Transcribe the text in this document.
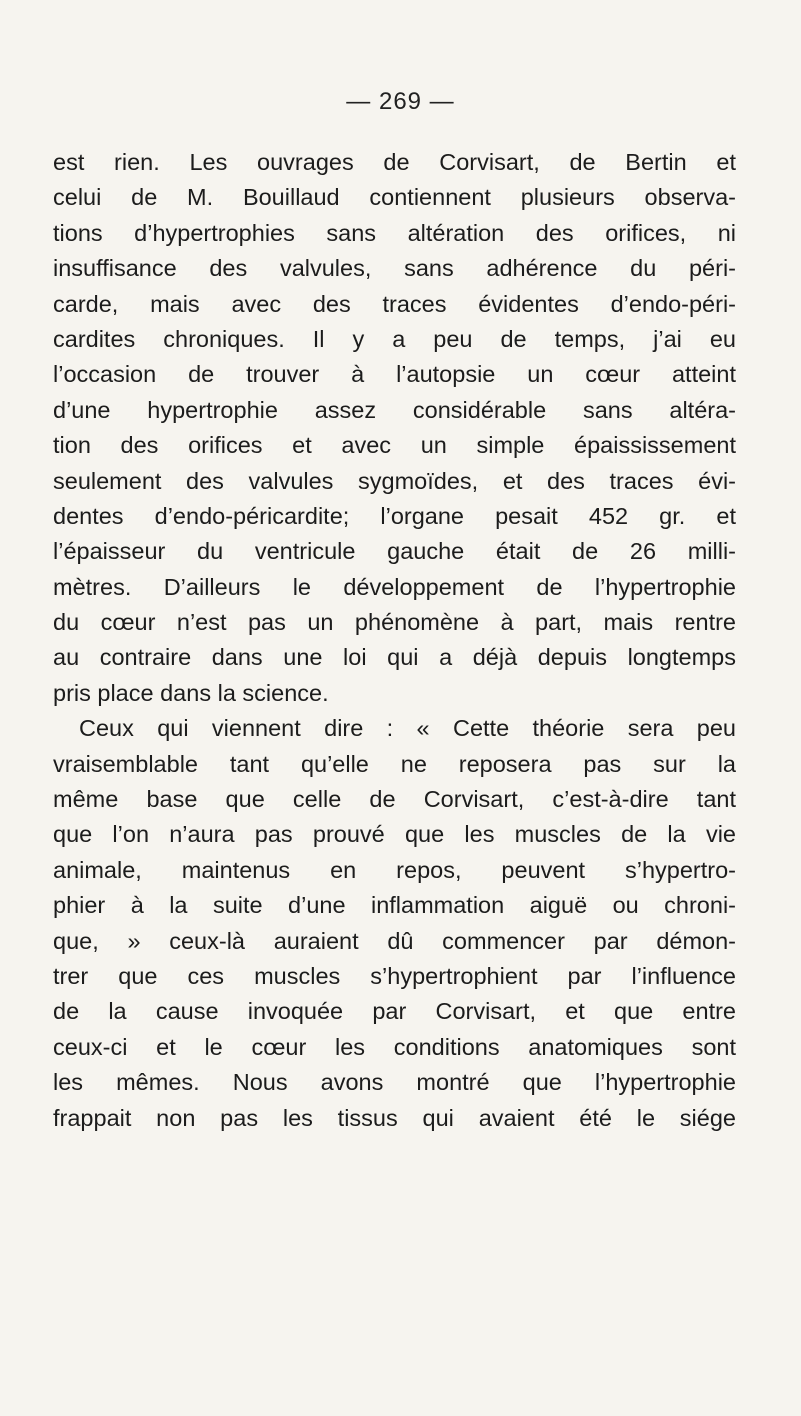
— 269 —
est rien. Les ouvrages de Corvisart, de Bertin et
celui de M. Bouillaud contiennent plusieurs observa-
tions d’hypertrophies sans altération des orifices, ni
insuffisance des valvules, sans adhérence du péri-
carde, mais avec des traces évidentes d’endo-péri-
cardites chroniques. Il y a peu de temps, j’ai eu
l’occasion de trouver à l’autopsie un cœur atteint
d’une hypertrophie assez considérable sans altéra-
tion des orifices et avec un simple épaississement
seulement des valvules sygmoïdes, et des traces évi-
dentes d’endo-péricardite; l’organe pesait 452 gr. et
l’épaisseur du ventricule gauche était de 26 milli-
mètres. D’ailleurs le développement de l’hypertrophie
du cœur n’est pas un phénomène à part, mais rentre
au contraire dans une loi qui a déjà depuis longtemps
pris place dans la science.
Ceux qui viennent dire : « Cette théorie sera peu
vraisemblable tant qu’elle ne reposera pas sur la
même base que celle de Corvisart, c’est-à-dire tant
que l’on n’aura pas prouvé que les muscles de la vie
animale, maintenus en repos, peuvent s’hypertro-
phier à la suite d’une inflammation aiguë ou chroni-
que, » ceux-là auraient dû commencer par démon-
trer que ces muscles s’hypertrophient par l’influence
de la cause invoquée par Corvisart, et que entre
ceux-ci et le cœur les conditions anatomiques sont
les mêmes. Nous avons montré que l’hypertrophie
frappait non pas les tissus qui avaient été le siége
